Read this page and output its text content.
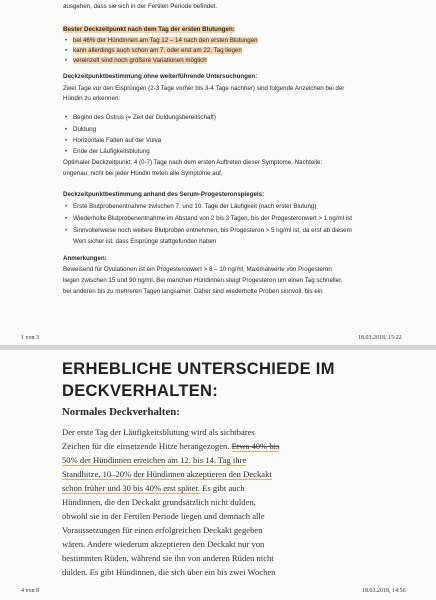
ausgehen, dass sie sich in der Fertilen Periode befindet.
Bester Deckzeitpunkt nach dem Tag der ersten Blutungen:
• bei 46% der Hündinnen am Tag 12 – 14 nach den ersten Blutungen
• kann allerdings auch schon am 7. oder erst am 22. Tag liegen
• vereinzelt sind noch größere Variationen möglich
Deckzeitpunktbestimmung ohne weiterführende Untersuchungen:
Zwei Tage vor den Eisprüngen (2-3 Tage vorher bis 3-4 Tage nachher) sind folgende Anzeichen bei der
Hündin zu erkennen:
• Beginn des Östrus (= Zeit der Duldungsbereitschaft)
• Duldung
• Horizontale Falten auf der Vulva
• Ende der Läufigkeitsblutung
Optimaler Deckzeitpunkt: 4 (0-7) Tage nach dem ersten Auftreten dieser Symptome. Nachteile:
ungenau; nicht bei jeder Hündin treten alle Symptome auf.
Deckzeitpunktbestimmung anhand des Serum-Progesteronspiegels:
• Erste Blutprobenentnahme zwischen 7. und 10. Tage der Läufigkeit (nach erster Blutung)
• Wiederholte Blutprobenentnahme im Abstand von 2 bis 3 Tagen, bis der Progesteronwert > 1 ng/ml ist
• Sinnvollerweise noch weitere Blutproben entnehmen, bis Progesteron > 5 ng/ml ist, da erst ab diesem
Wert sicher ist, dass Eisprünge stattgefunden haben
Anmerkungen:
Beweisend für Ovulationen ist ein Progesteronwert > 8 – 10 ng/ml, Maximalwerte von Progesteron
liegen zwischen 15 und 90 ng/ml. Bei manchen Hündinnen steigt Progesteron um einen Tag schneller,
bei anderen bis zu mehreren Tagen langsamer. Daher sind wiederholte Proben sinnvoll, bis ein
1 von 3	18.03.2018, 15:22
ERHEBLICHE UNTERSCHIEDE IM
DECKVERHALTEN:
Normales Deckverhalten:
Der erste Tag der Läufigkeitsblutung wird als sichtbares
Zeichen für die einsetzende Hitze herangezogen. Etwa 40% bis
50% der Hündinnen erreichen am 12. bis 14. Tag ihre
Standhitze. 10–20% der Hündinnen akzeptieren den Deckakt
schon früher und 30 bis 40% erst später. Es gibt auch
Hündinnen, die den Deckakt grundsätzlich nicht dulden,
obwohl sie in der Fertilen Periode liegen und demnach alle
Voraussetzungen für einen erfolgreichen Deckakt gegeben
wären. Andere wiederum akzeptieren den Deckakt nur von
bestimmten Rüden, während sie ihn von anderen Rüden nicht
dulden. Es gibt Hündinnen, die sich über ein bis zwei Wochen
4 von 8	18.03.2018, 14:56
